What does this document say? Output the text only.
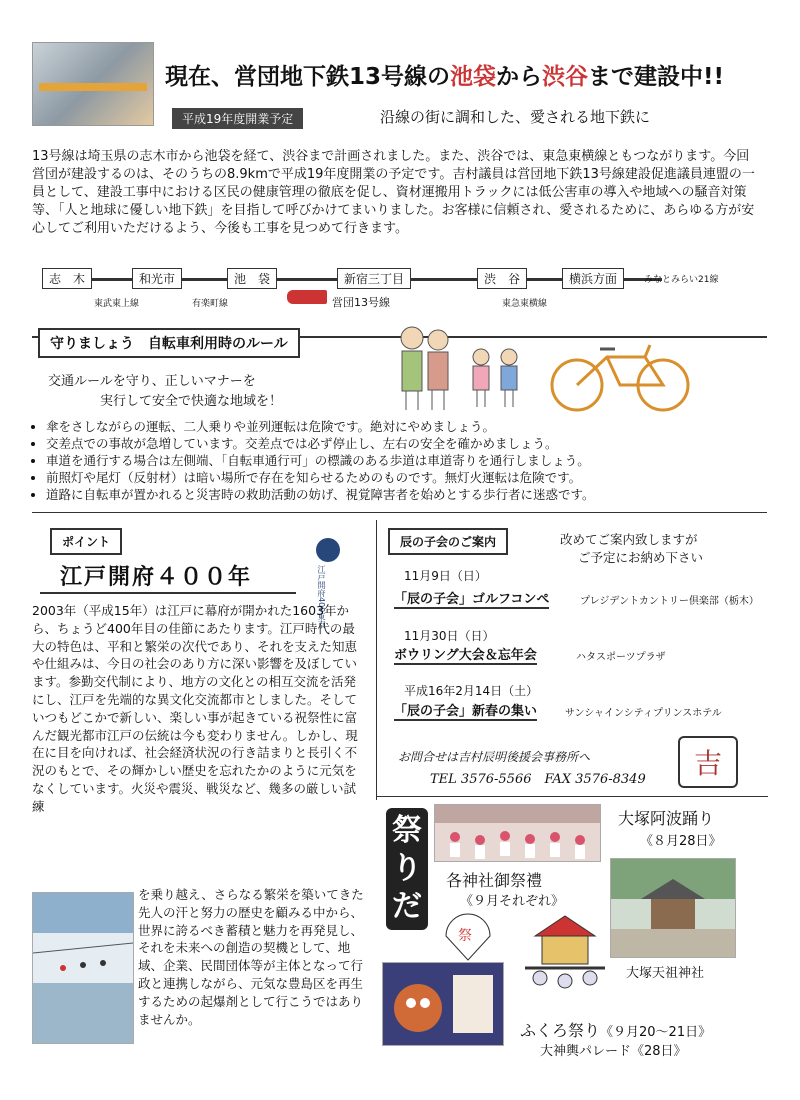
現在、営団地下鉄13号線の池袋から渋谷まで建設中!!
平成19年度開業予定	沿線の街に調和した、愛される地下鉄に
13号線は埼玉県の志木市から池袋を経て、渋谷まで計画されました。また、渋谷では、東急東横線ともつながります。今回営団が建設するのは、そのうちの8.9kmで平成19年度開業の予定です。吉村議員は営団地下鉄13号線建設促進議員連盟の一員として、建設工事中における区民の健康管理の徹底を促し、資材運搬用トラックには低公害車の導入や地域への騒音対策等、「人と地球に優しい地下鉄」を目指して呼びかけてまいりました。お客様に信頼され、愛されるために、あらゆる方が安心してご利用いただけるよう、今後も工事を見つめて行きます。
志　木	和光市	池　袋	新宿三丁目	渋　谷	横浜方面	みなとみらい21線
東武東上線	有楽町線	営団13号線	東急東横線
守りましょう　自転車利用時のルール
交通ルールを守り、正しいマナーを
実行して安全で快適な地域を！
• 傘をさしながらの運転、二人乗りや並列運転は危険です。絶対にやめましょう。
• 交差点での事故が急増しています。交差点では必ず停止し、左右の安全を確かめましょう。
• 車道を通行する場合は左側端、「自転車通行可」の標識のある歩道は車道寄りを通行しましょう。
• 前照灯や尾灯（反射材）は暗い場所で存在を知らせるためのものです。無灯火運転は危険です。
• 道路に自転車が置かれると災害時の救助活動の妨げ、視覚障害者を始めとする歩行者に迷惑です。
ポイント
江戸開府４００年	江戸開府400東京
2003年（平成15年）は江戸に幕府が開かれた1603年から、ちょうど400年目の佳節にあたります。江戸時代の最大の特色は、平和と繁栄の次代であり、それを支えた知恵や仕組みは、今日の社会のあり方に深い影響を及ぼしています。参勤交代制により、地方の文化との相互交流を活発にし、江戸を先端的な異文化交流都市としました。そしていつもどこかで新しい、楽しい事が起きている祝祭性に富んだ観光都市江戸の伝統は今も変わりません。しかし、現在に目を向ければ、社会経済状況の行き詰まりと長引く不況のもとで、その輝かしい歴史を忘れたかのように元気をなくしています。火災や震災、戦災など、幾多の厳しい試練
を乗り越え、さらなる繁栄を築いてきた先人の汗と努力の歴史を顧みる中から、世界に誇るべき蓄積と魅力を再発見し、それを未来への創造の契機として、地域、企業、民間団体等が主体となって行政と連携しながら、元気な豊島区を再生するための起爆剤として行こうではありませんか。
辰の子会のご案内	改めてご案内致しますが
ご予定にお納め下さい
11月9日（日）
「辰の子会」ゴルフコンペ	プレジデントカントリー倶楽部（栃木）
11月30日（日）
ボウリング大会＆忘年会	ハタスポーツプラザ
平成16年2月14日（土）
「辰の子会」新春の集い	サンシャインシティプリンスホテル
お問合せは吉村辰明後援会事務所へ
TEL 3576-5566　FAX 3576-8349	吉
祭
り
だ
大塚阿波踊り
《８月28日》
各神社御祭禮
《９月それぞれ》
大塚天祖神社
祭
ふくろ祭り《９月20～21日》
大神輿パレード《28日》
